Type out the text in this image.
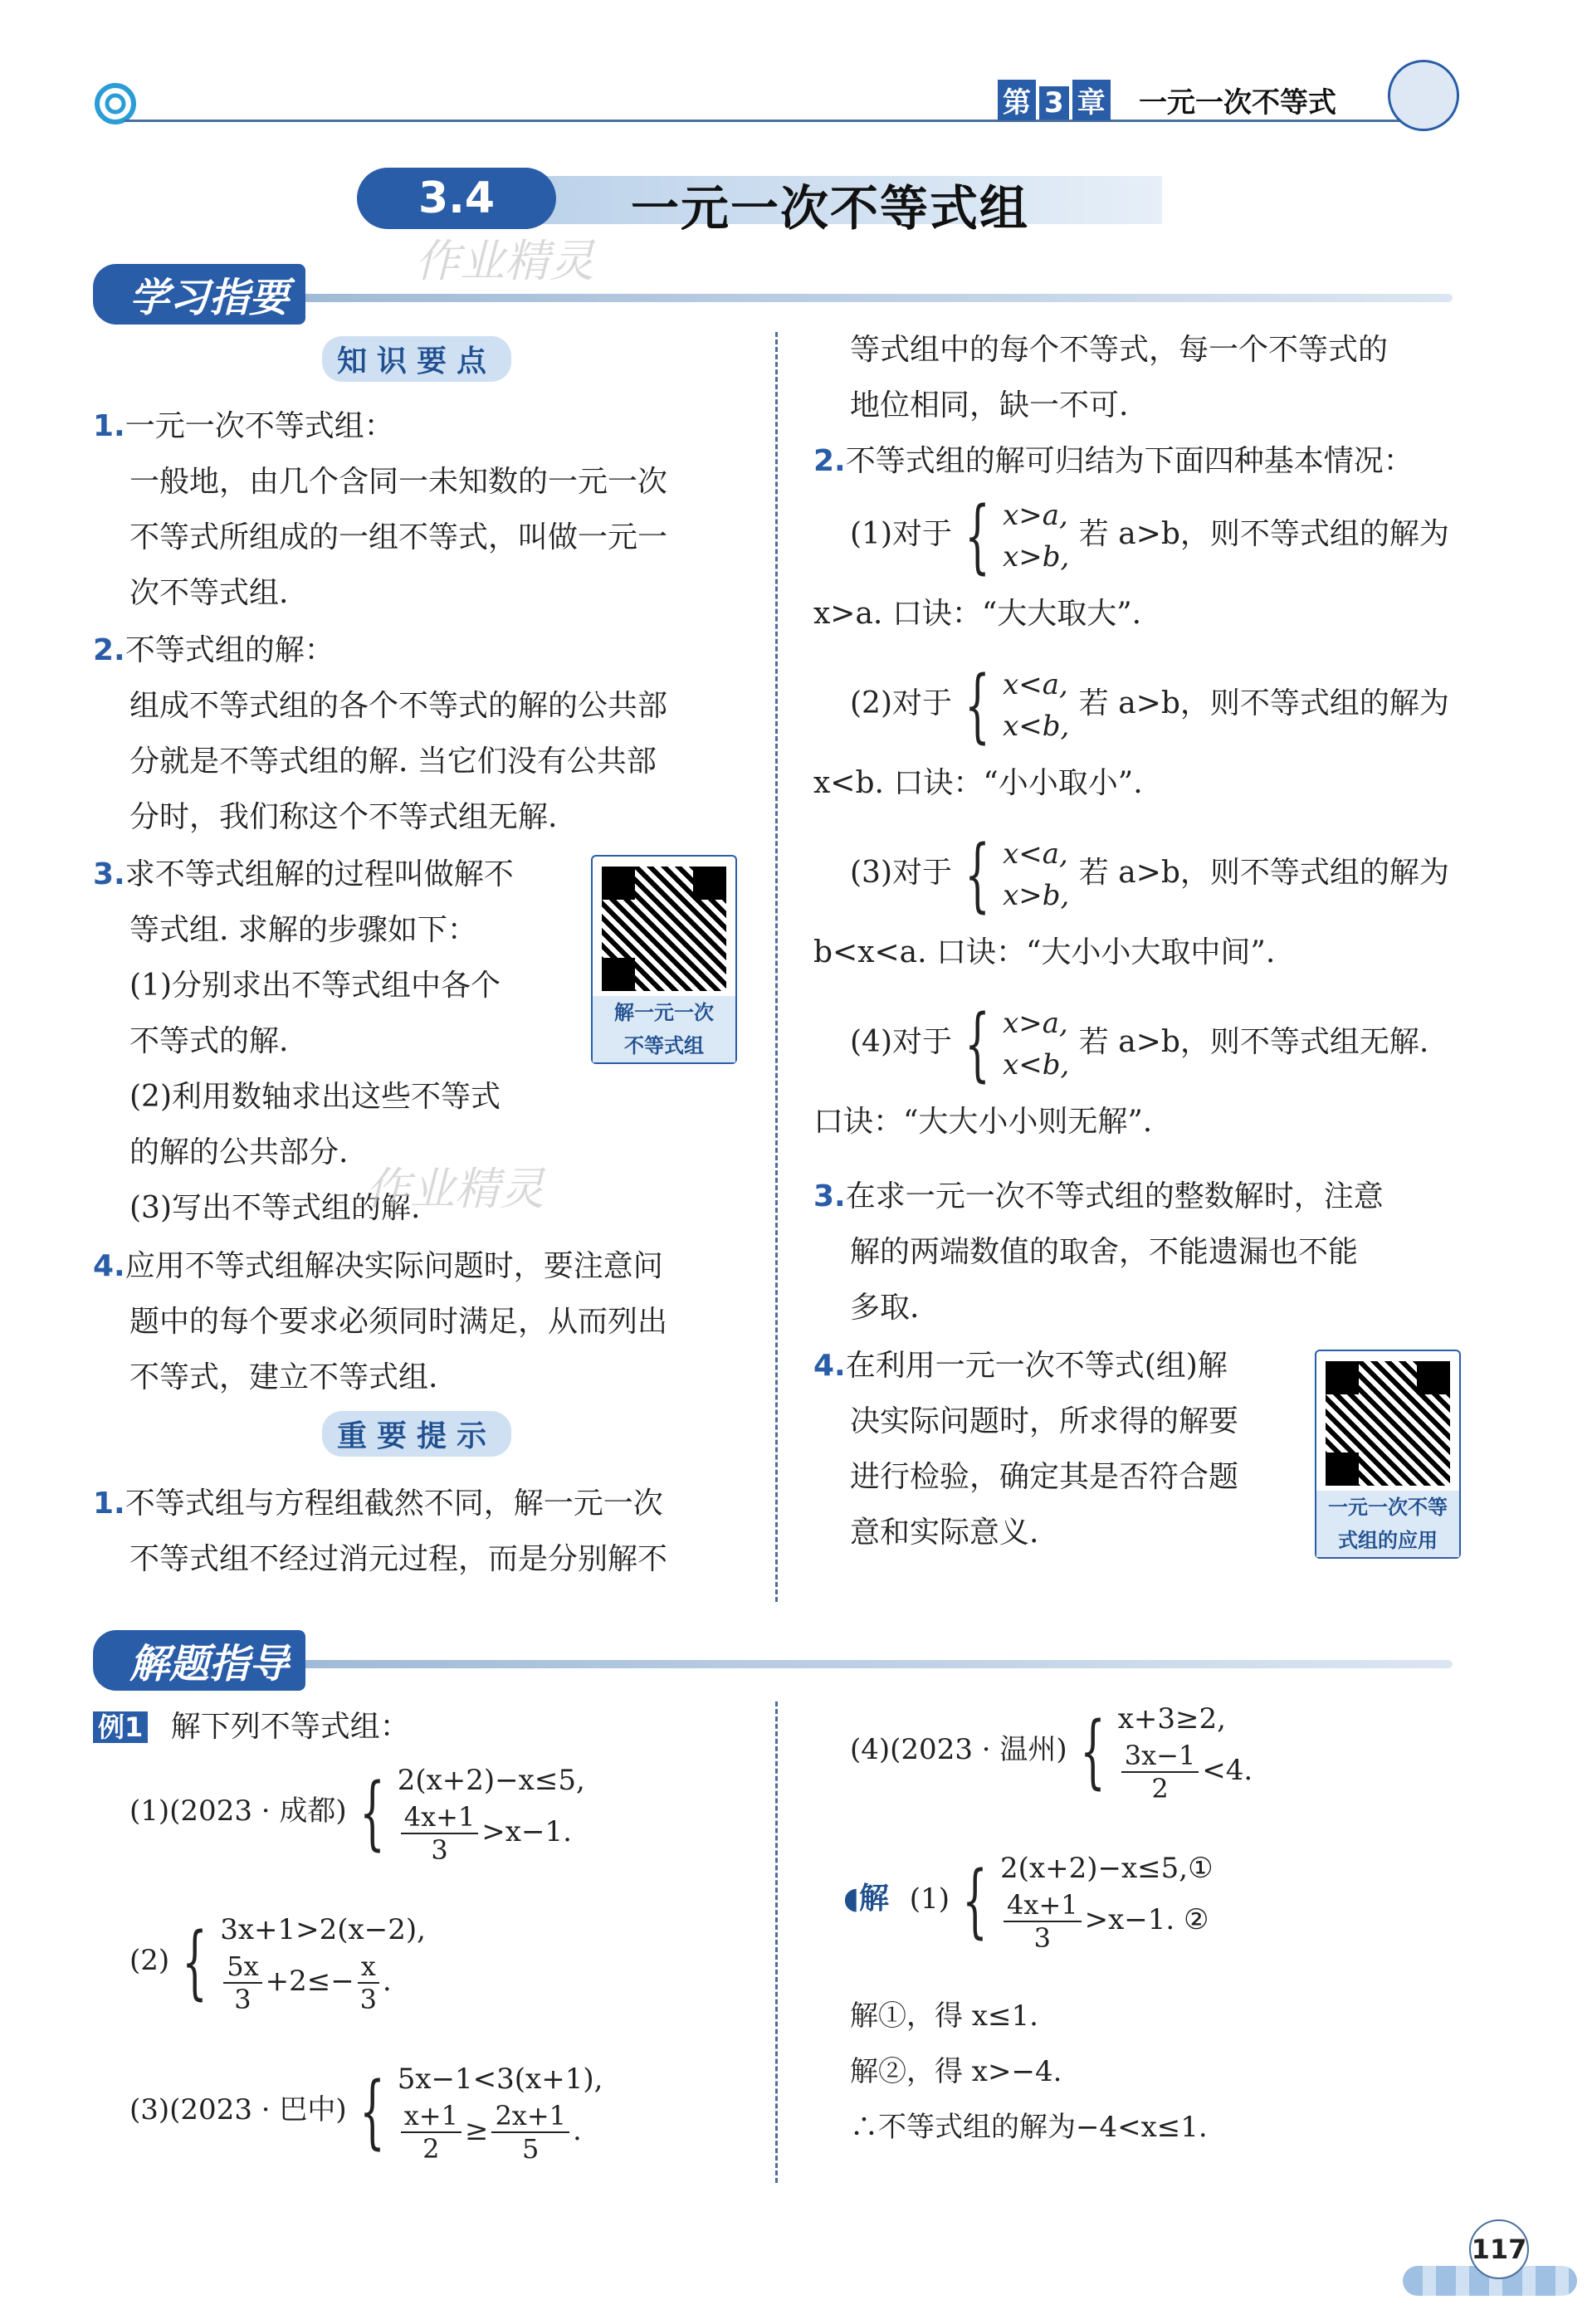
第 3 章 一元一次不等式
3.4	一元一次不等式组
学习指要
作业精灵
知识要点
1.一元一次不等式组：
一般地，由几个含同一未知数的一元一次
不等式所组成的一组不等式，叫做一元一
次不等式组.
2.不等式组的解：
组成不等式组的各个不等式的解的公共部
分就是不等式组的解. 当它们没有公共部
分时，我们称这个不等式组无解.
3.求不等式组解的过程叫做解不
等式组. 求解的步骤如下：
(1)分别求出不等式组中各个
不等式的解.
(2)利用数轴求出这些不等式
的解的公共部分.
(3)写出不等式组的解.
解一元一次
不等式组
作业精灵
4.应用不等式组解决实际问题时，要注意问
题中的每个要求必须同时满足，从而列出
不等式，建立不等式组.
重要提示
1.不等式组与方程组截然不同，解一元一次
不等式组不经过消元过程，而是分别解不
等式组中的每个不等式，每一个不等式的
地位相同，缺一不可.
2.不等式组的解可归结为下面四种基本情况：
(1)对于 { x>a,
x>b,
若 a>b，则不等式组的解为
x>a. 口诀：“大大取大”.
(2)对于 { x<a,
x<b,
若 a>b，则不等式组的解为
x<b. 口诀：“小小取小”.
(3)对于 { x<a,
x>b,
若 a>b，则不等式组的解为
b<x<a. 口诀：“大小小大取中间”.
(4)对于 { x>a,
x<b,
若 a>b，则不等式组无解.
口诀：“大大小小则无解”.
3.在求一元一次不等式组的整数解时，注意
解的两端数值的取舍，不能遗漏也不能
多取.
4.在利用一元一次不等式(组)解
决实际问题时，所求得的解要
进行检验，确定其是否符合题
意和实际意义.
一元一次不等
式组的应用
解题指导
例1 解下列不等式组：
(1)(2023 · 成都) { 2(x+2)−x≤5,
$\frac{4x+1}{3} >x-1$.
(2) { 3x+1>2(x−2),
$\frac{5x}{3} +2\le- \frac{x}{3}$ .
(3)(2023 · 巴中) { 5x−1<3(x+1),
$\frac{x+1}{2} \ge \frac{2x+1}{5}$ .
(4)(2023 · 温州) { x+3≥2,
$\frac{3x-1}{2} <4$.
◖解 (1) { 2(x+2)−x≤5,①
$\frac{4x+1}{3} >x-1$. ②
解①，得 x≤1.
解②，得 x>−4.
∴不等式组的解为−4<x≤1.
117
